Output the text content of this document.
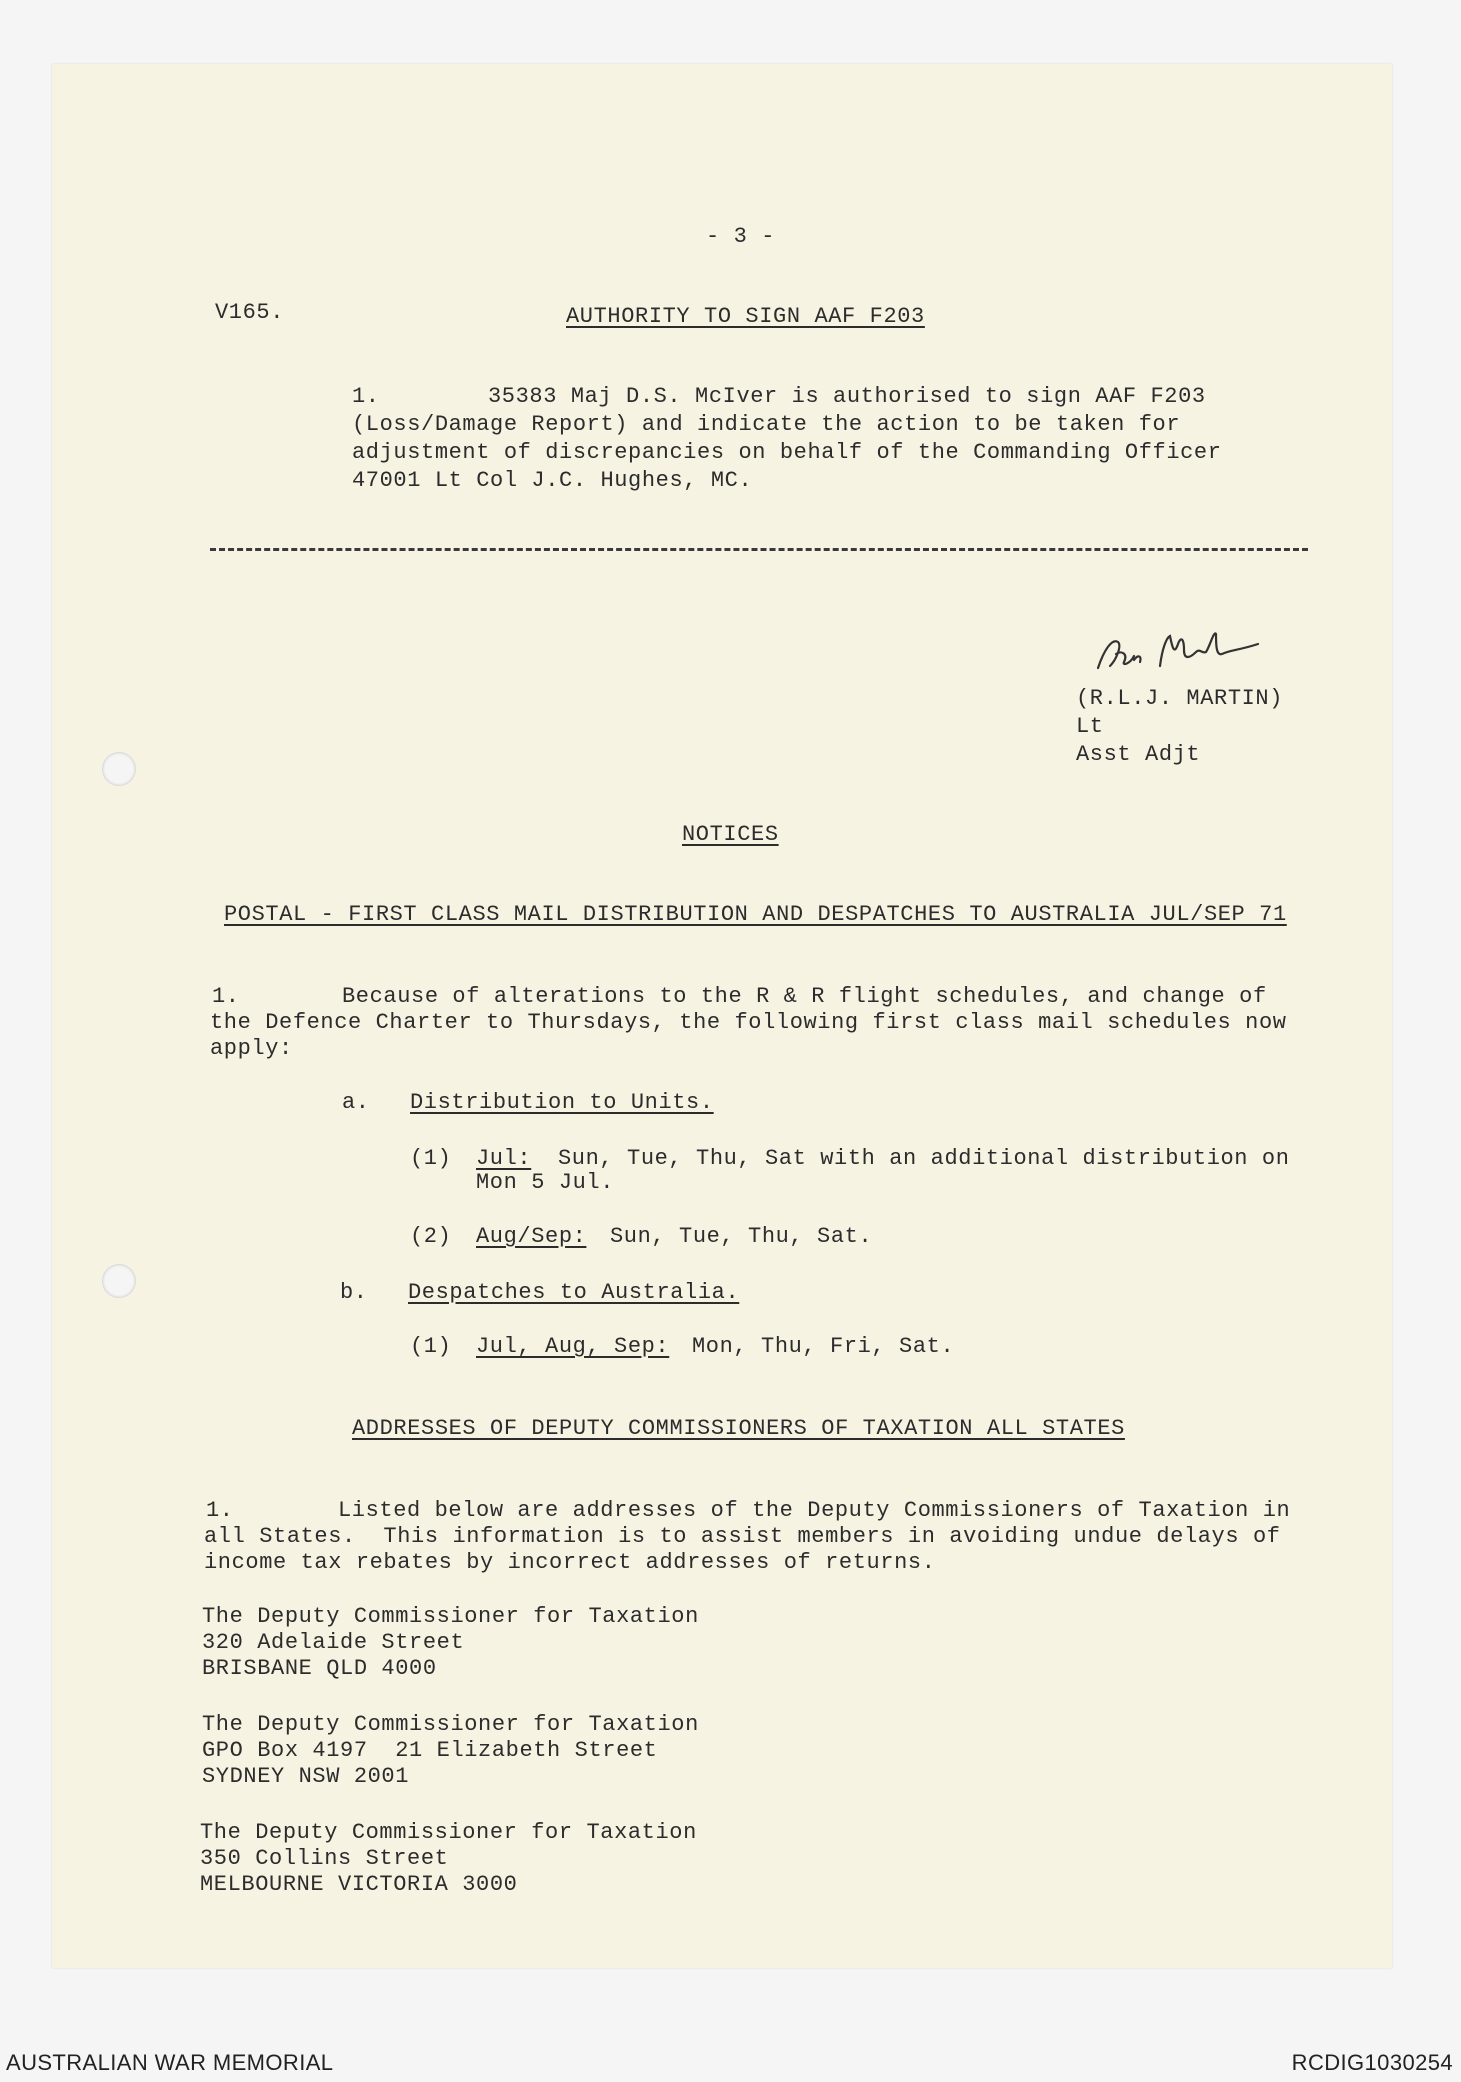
- 3 -
V165.	AUTHORITY TO SIGN AAF F203
1.	35383 Maj D.S. McIver is authorised to sign AAF F203
(Loss/Damage Report) and indicate the action to be taken for
adjustment of discrepancies on behalf of the Commanding Officer
47001 Lt Col J.C. Hughes, MC.
(R.L.J. MARTIN)
Lt
Asst Adjt
NOTICES
POSTAL - FIRST CLASS MAIL DISTRIBUTION AND DESPATCHES TO AUSTRALIA JUL/SEP 71
1.	Because of alterations to the R & R flight schedules, and change of
the Defence Charter to Thursdays, the following first class mail schedules now
apply:
a. Distribution to Units.
(1) Jul: Sun, Tue, Thu, Sat with an additional distribution on
Mon 5 Jul.
(2) Aug/Sep: Sun, Tue, Thu, Sat.
b. Despatches to Australia.
(1) Jul, Aug, Sep: Mon, Thu, Fri, Sat.
ADDRESSES OF DEPUTY COMMISSIONERS OF TAXATION ALL STATES
1.	Listed below are addresses of the Deputy Commissioners of Taxation in
all States.  This information is to assist members in avoiding undue delays of
income tax rebates by incorrect addresses of returns.
The Deputy Commissioner for Taxation
320 Adelaide Street
BRISBANE QLD 4000
The Deputy Commissioner for Taxation
GPO Box 4197  21 Elizabeth Street
SYDNEY NSW 2001
The Deputy Commissioner for Taxation
350 Collins Street
MELBOURNE VICTORIA 3000
AUSTRALIAN WAR MEMORIAL	RCDIG1030254
